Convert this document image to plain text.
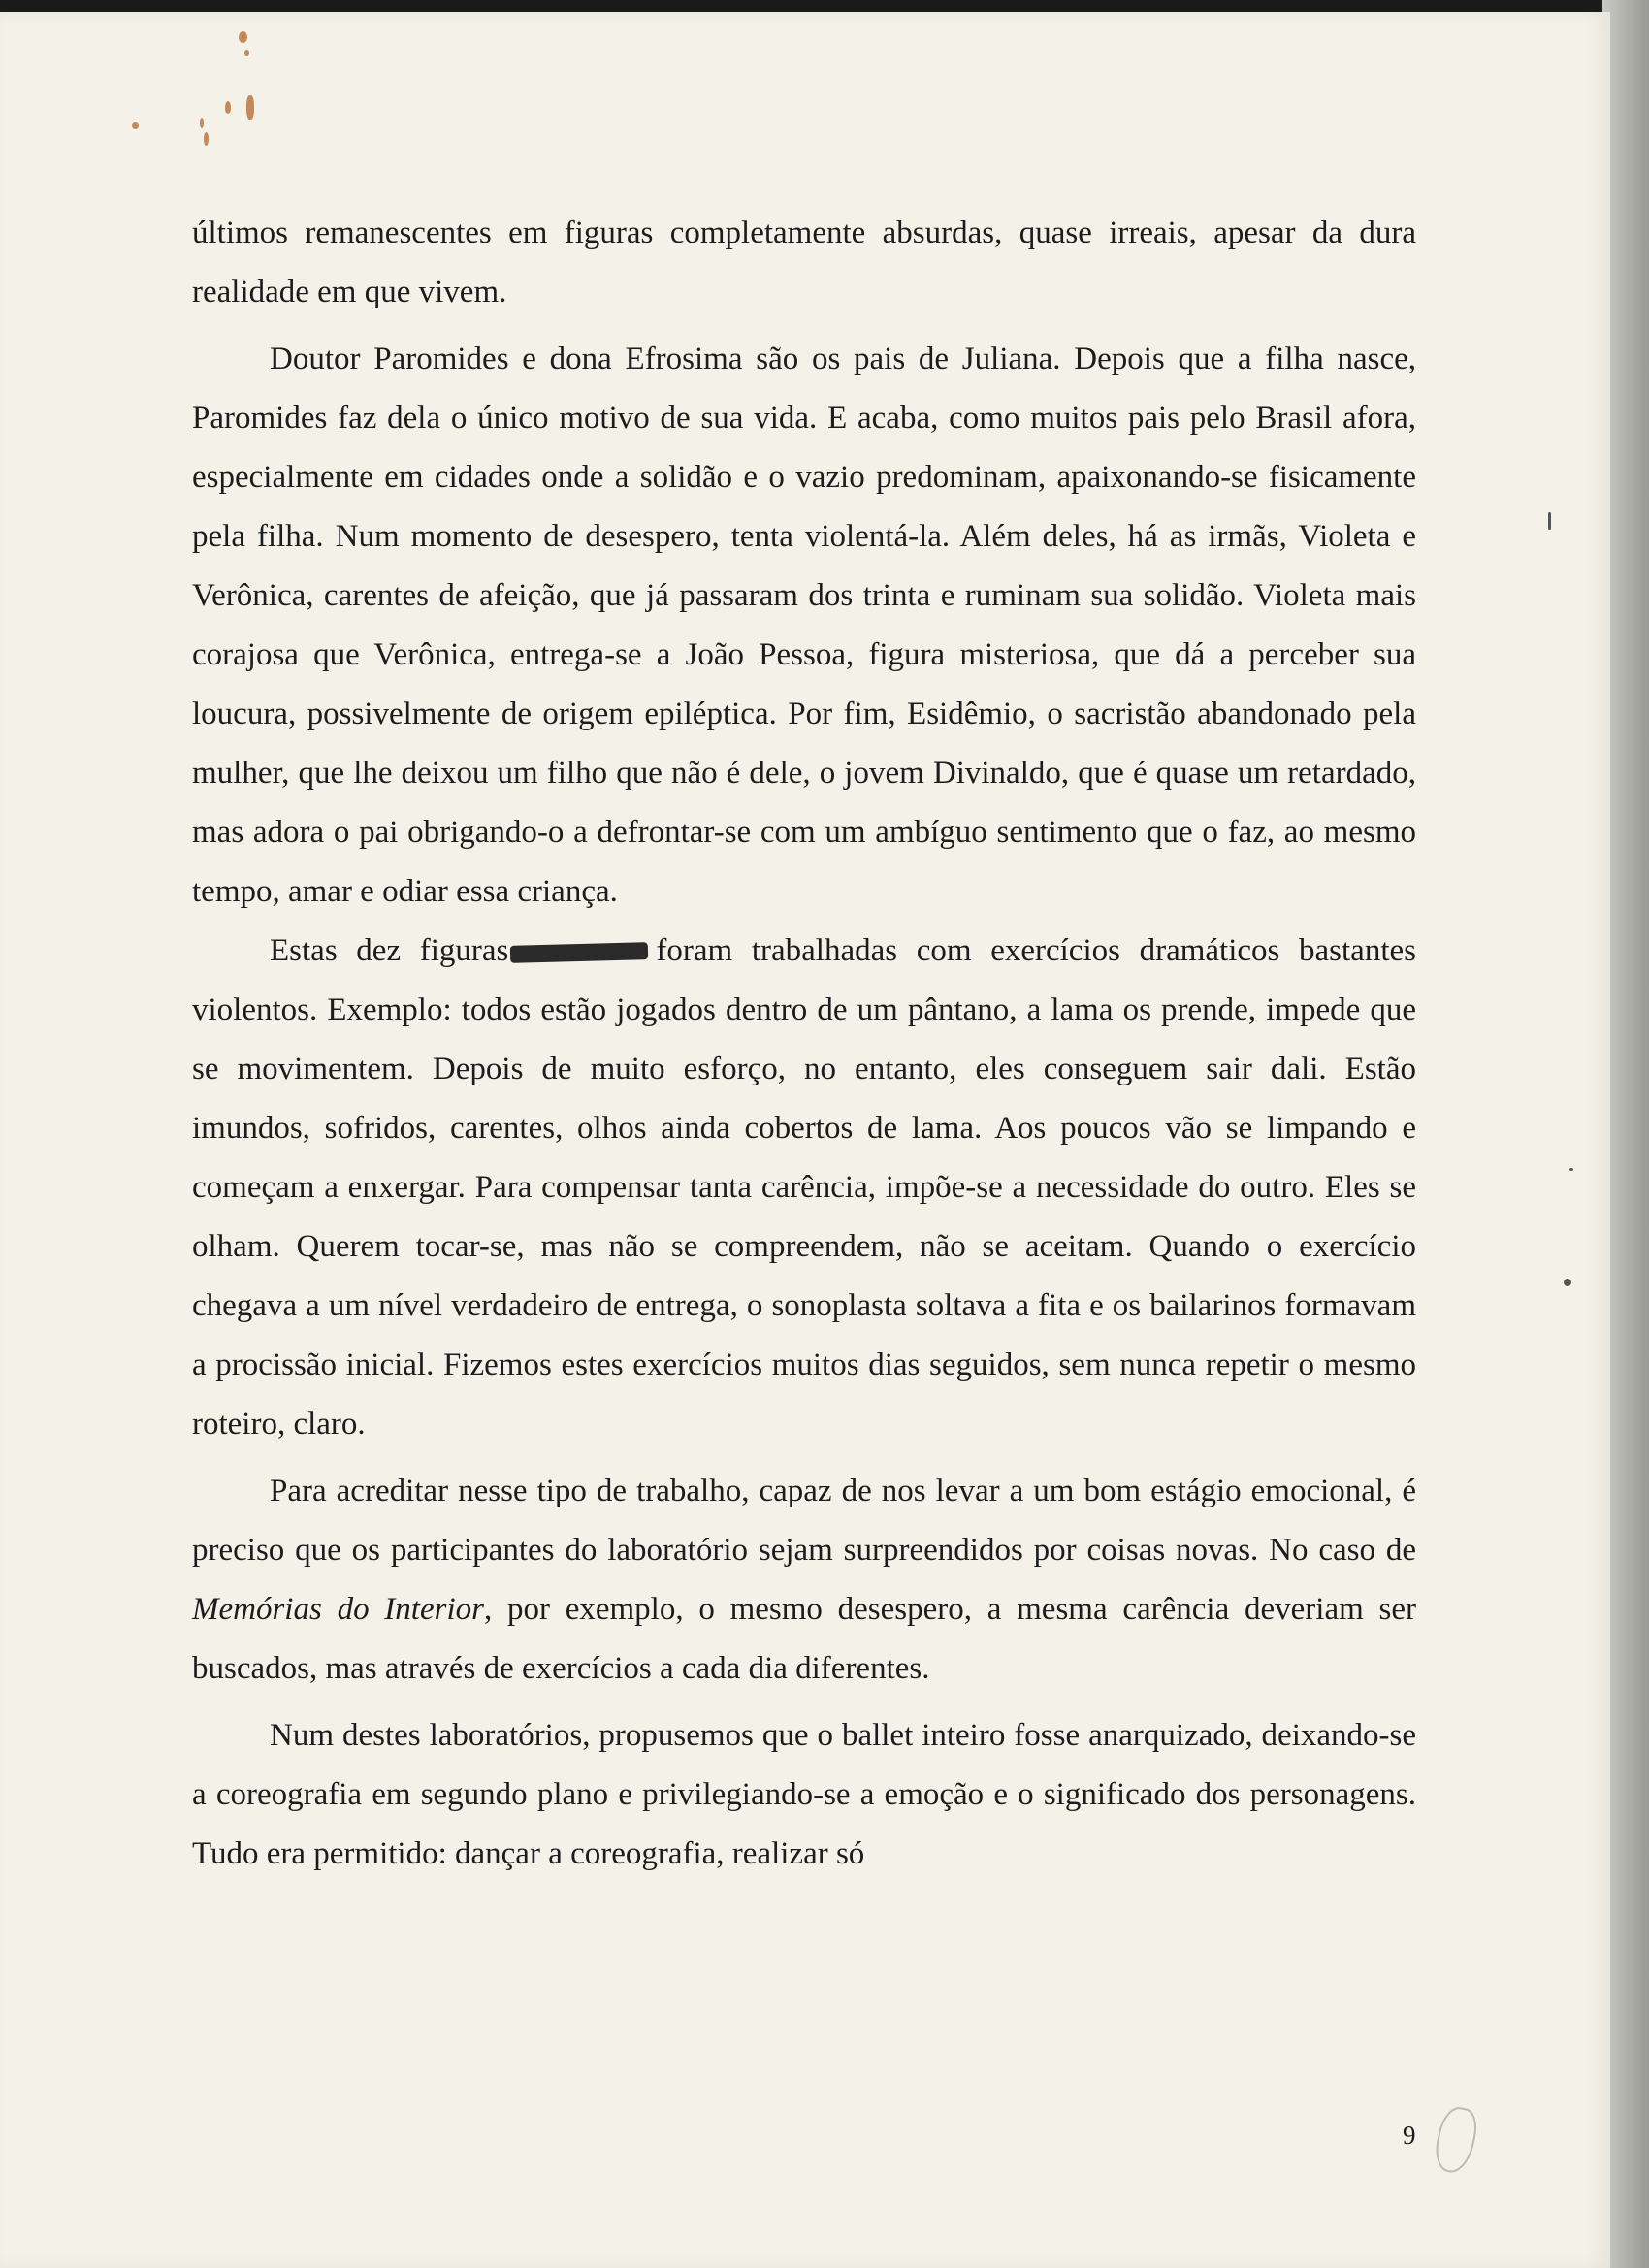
últimos remanescentes em figuras completamente absurdas, quase irreais, apesar da dura realidade em que vivem.

Doutor Paromides e dona Efrosima são os pais de Juliana. Depois que a filha nasce, Paromides faz dela o único motivo de sua vida. E acaba, como muitos pais pelo Brasil afora, especialmente em cidades onde a solidão e o vazio predominam, apaixonando-se fisicamente pela filha. Num momento de desespero, tenta violentá-la. Além deles, há as irmãs, Violeta e Verônica, carentes de afeição, que já passaram dos trinta e ruminam sua solidão. Violeta mais corajosa que Verônica, entrega-se a João Pessoa, figura misteriosa, que dá a perceber sua loucura, possivelmente de origem epiléptica. Por fim, Esidêmio, o sacristão abandonado pela mulher, que lhe deixou um filho que não é dele, o jovem Divinaldo, que é quase um retardado, mas adora o pai obrigando-o a defrontar-se com um ambíguo sentimento que o faz, ao mesmo tempo, amar e odiar essa criança.

Estas dez figuras	foram trabalhadas com exercícios dramáticos bastantes violentos. Exemplo: todos estão jogados dentro de um pântano, a lama os prende, impede que se movimentem. Depois de muito esforço, no entanto, eles conseguem sair dali. Estão imundos, sofridos, carentes, olhos ainda cobertos de lama. Aos poucos vão se limpando e começam a enxergar. Para compensar tanta carência, impõe-se a necessidade do outro. Eles se olham. Querem tocar-se, mas não se compreendem, não se aceitam. Quando o exercício chegava a um nível verdadeiro de entrega, o sonoplasta soltava a fita e os bailarinos formavam a procissão inicial. Fizemos estes exercícios muitos dias seguidos, sem nunca repetir o mesmo roteiro, claro.

Para acreditar nesse tipo de trabalho, capaz de nos levar a um bom estágio emocional, é preciso que os participantes do laboratório sejam surpreendidos por coisas novas. No caso de Memórias do Interior, por exemplo, o mesmo desespero, a mesma carência deveriam ser buscados, mas através de exercícios a cada dia diferentes.

Num destes laboratórios, propusemos que o ballet inteiro fosse anarquizado, deixando-se a coreografia em segundo plano e privilegiando-se a emoção e o significado dos personagens. Tudo era permitido: dançar a coreografia, realizar só

9
